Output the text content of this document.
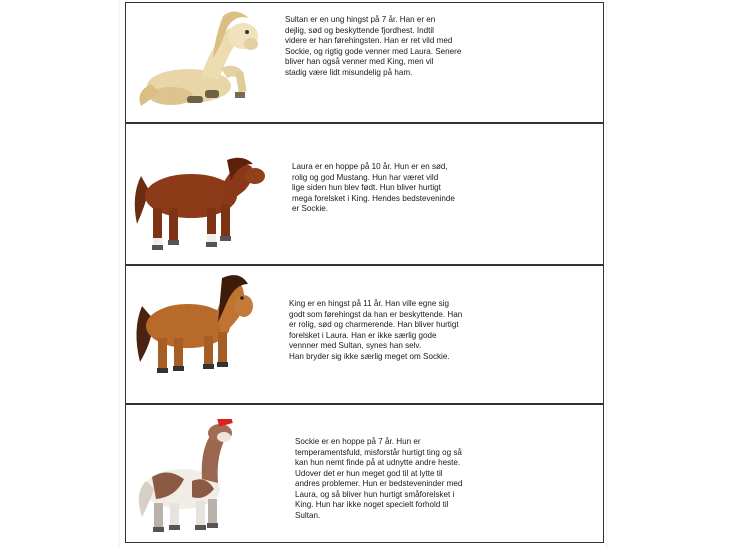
Sultan er en ung hingst på 7 år. Han er en
dejlig, sød og beskyttende fjordhest. Indtil
videre er han førehingsten. Han er ret vild med
Sockie, og rigtig gode venner med Laura. Senere
bliver han også venner med King, men vil
stadig være lidt misundelig på ham.

Laura er en hoppe på 10 år. Hun er en sød,
rolig og god Mustang. Hun har været vild
lige siden hun blev født. Hun bliver hurtigt
mega forelsket i King. Hendes bedsteveninde
er Sockie.

King er en hingst på 11 år. Han ville egne sig
godt som førehingst da han er beskyttende. Han
er rolig, sød og charmerende. Han bliver hurtigt
forelsket i Laura. Han er ikke særlig gode
vennner med Sultan, synes han selv.
Han bryder sig ikke særlig meget om Sockie.

Sockie er en hoppe på 7 år. Hun er
temperamentsfuld, misforstår hurtigt ting og så
kan hun nemt finde på at udnytte andre heste.
Udover det er hun meget god til at lytte til
andres problemer. Hun er bedsteveninder med
Laura, og så bliver hun hurtigt småforelsket i
King. Hun har ikke noget specielt forhold til
Sultan.
